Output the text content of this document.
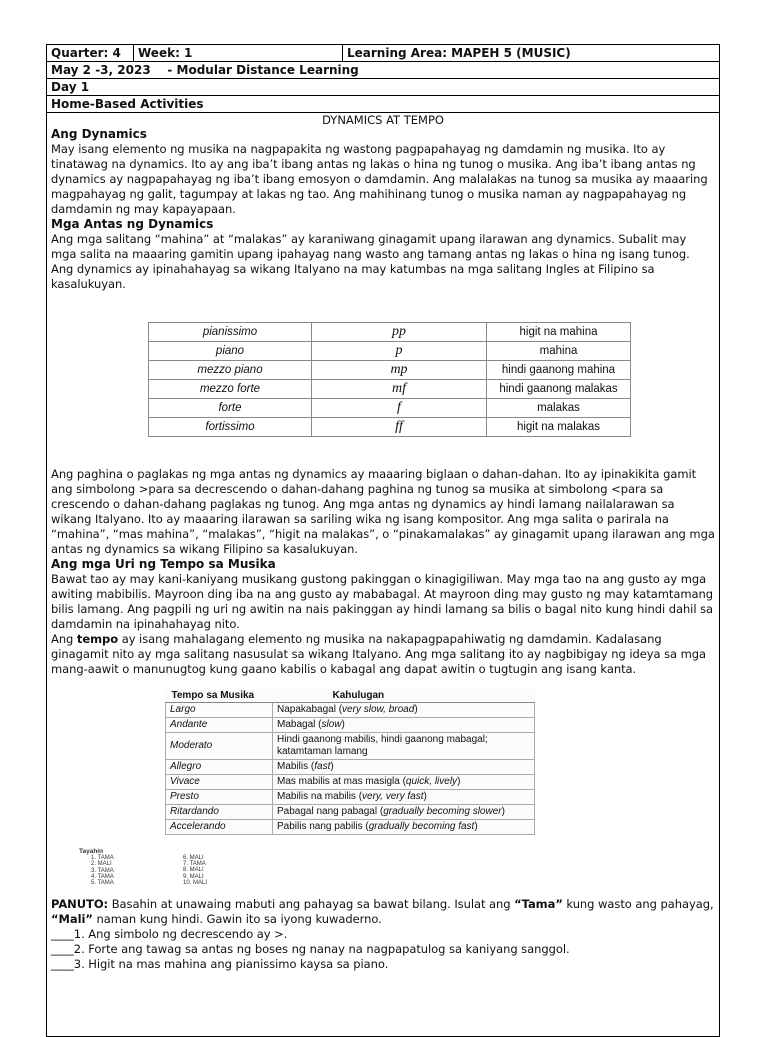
Quarter: 4	Week: 1	Learning Area: MAPEH 5 (MUSIC)
May 2 -3, 2023    - Modular Distance Learning
Day 1
Home-Based Activities

DYNAMICS AT TEMPO

Ang Dynamics

May isang elemento ng musika na nagpapakita ng wastong pagpapahayag ng damdamin ng musika. Ito ay tinatawag na dynamics. Ito ay ang iba’t ibang antas ng lakas o hina ng tunog o musika. Ang iba’t ibang antas ng dynamics ay nagpapahayag ng iba’t ibang emosyon o damdamin. Ang malalakas na tunog sa musika ay maaaring magpahayag ng galit, tagumpay at lakas ng tao. Ang mahihinang tunog o musika naman ay nagpapahayag ng damdamin ng may kapayapaan.

Mga Antas ng Dynamics

Ang mga salitang “mahina” at “malakas” ay karaniwang ginagamit upang ilarawan ang dynamics. Subalit may mga salita na maaaring gamitin upang ipahayag nang wasto ang tamang antas ng lakas o hina ng isang tunog. Ang dynamics ay ipinahahayag sa wikang Italyano na may katumbas na mga salitang Ingles at Filipino sa kasalukuyan.

pianissimo	pp	higit na mahina
piano	p	mahina
mezzo piano	mp	hindi gaanong mahina
mezzo forte	mf	hindi gaanong malakas
forte	f	malakas
fortissimo	ff	higit na malakas

Ang paghina o paglakas ng mga antas ng dynamics ay maaaring biglaan o dahan-dahan. Ito ay ipinakikita gamit ang simbolong >para sa decrescendo o dahan-dahang paghina ng tunog sa musika at simbolong <para sa crescendo o dahan-dahang paglakas ng tunog. Ang mga antas ng dynamics ay hindi lamang nailalarawan sa wikang Italyano. Ito ay maaaring ilarawan sa sariling wika ng isang kompositor. Ang mga salita o parirala na “mahina”, “mas mahina”, “malakas”, “higit na malakas”, o “pinakamalakas” ay ginagamit upang ilarawan ang mga antas ng dynamics sa wikang Filipino sa kasalukuyan.

Ang mga Uri ng Tempo sa Musika

Bawat tao ay may kani-kaniyang musikang gustong pakinggan o kinagigiliwan. May mga tao na ang gusto ay mga awiting mabibilis. Mayroon ding iba na ang gusto ay mababagal. At mayroon ding may gusto ng may katamtamang bilis lamang. Ang pagpili ng uri ng awitin na nais pakinggan ay hindi lamang sa bilis o bagal nito kung hindi dahil sa damdamin na ipinahahayag nito.

Ang tempo ay isang mahalagang elemento ng musika na nakapagpapahiwatig ng damdamin. Kadalasang ginagamit nito ay mga salitang nasusulat sa wikang Italyano. Ang mga salitang ito ay nagbibigay ng ideya sa mga mang-aawit o manunugtog kung gaano kabilis o kabagal ang dapat awitin o tugtugin ang isang kanta.

Tempo sa Musika	Kahulugan
Largo	Napakabagal (very slow, broad)
Andante	Mabagal (slow)
Moderato	Hindi gaanong mabilis, hindi gaanong mabagal; katamtaman lamang
Allegro	Mabilis (fast)
Vivace	Mas mabilis at mas masigla (quick, lively)
Presto	Mabilis na mabilis (very, very fast)
Ritardando	Pabagal nang pabagal (gradually becoming slower)
Accelerando	Pabilis nang pabilis (gradually becoming fast)
Tayahin
1. TAMA
2. MALI
3. TAMA
4. TAMA
5. TAMA
6. MALI
7. TAMA
8. MALI
9. MALI
10. MALI

PANUTO: Basahin at unawaing mabuti ang pahayag sa bawat bilang. Isulat ang “Tama” kung wasto ang pahayag, “Mali” naman kung hindi. Gawin ito sa iyong kuwaderno.

____1. Ang simbolo ng decrescendo ay >.

____2. Forte ang tawag sa antas ng boses ng nanay na nagpapatulog sa kaniyang sanggol.

____3. Higit na mas mahina ang pianissimo kaysa sa piano.
